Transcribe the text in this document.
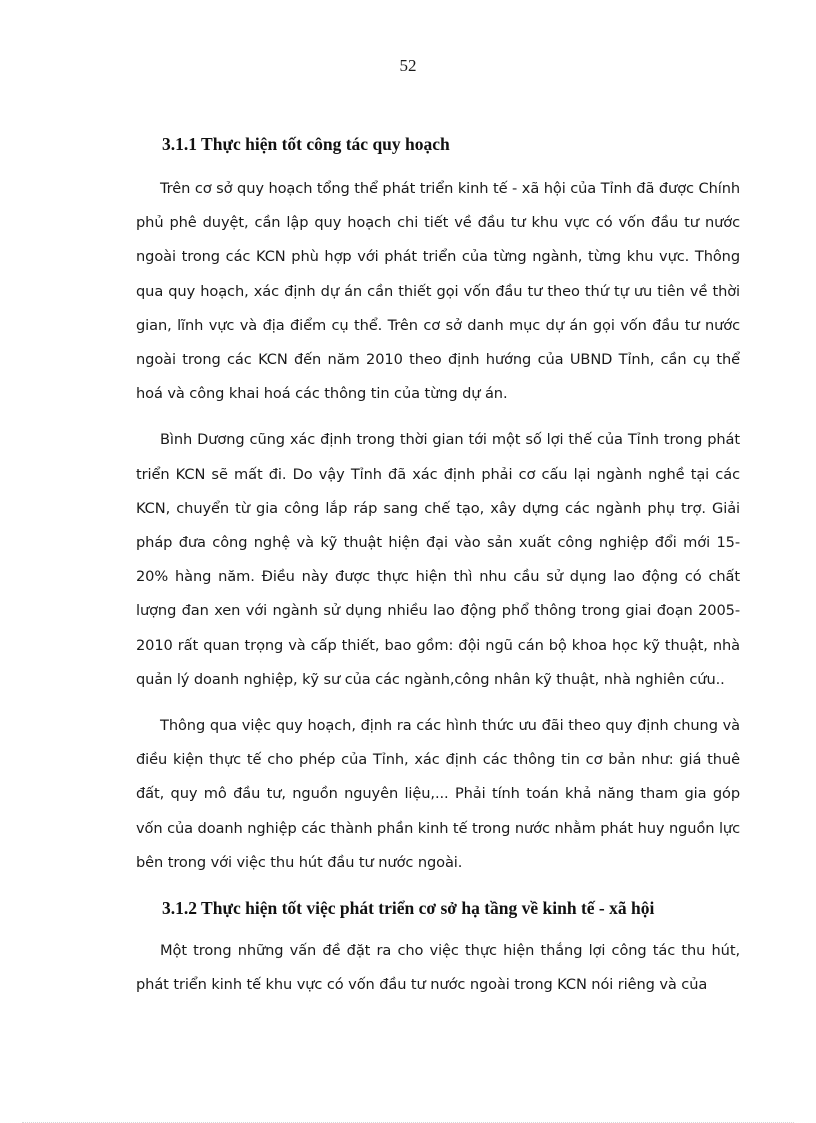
52
3.1.1 Thực hiện tốt công tác quy hoạch

Trên cơ sở quy hoạch tổng thể phát triển kinh tế - xã hội của Tỉnh đã được Chính phủ phê duyệt, cần lập quy hoạch chi tiết về đầu tư khu vực có vốn đầu tư nước ngoài trong các KCN phù hợp với phát triển của từng ngành, từng khu vực. Thông qua quy hoạch, xác định dự án cần thiết gọi vốn đầu tư theo thứ tự ưu tiên về thời gian, lĩnh vực và địa điểm cụ thể. Trên cơ sở danh mục dự án gọi vốn đầu tư nước ngoài trong các KCN đến năm 2010 theo định hướng của UBND Tỉnh, cần cụ thể hoá và công khai hoá các thông tin của từng dự án.

Bình Dương cũng xác định trong thời gian tới một số lợi thế của Tỉnh trong phát triển KCN sẽ mất đi. Do vậy Tỉnh đã xác định phải cơ cấu lại ngành nghề tại các KCN, chuyển từ gia công lắp ráp sang chế tạo, xây dựng các ngành phụ trợ. Giải pháp đưa công nghệ và kỹ thuật hiện đại vào sản xuất công nghiệp đổi mới 15-20% hàng năm. Điều này được thực hiện thì nhu cầu sử dụng lao động có chất lượng đan xen với ngành sử dụng nhiều lao động phổ thông trong giai đoạn 2005-2010 rất quan trọng và cấp thiết, bao gồm: đội ngũ cán bộ khoa học kỹ thuật, nhà quản lý doanh nghiệp, kỹ sư của các ngành,công nhân kỹ thuật, nhà nghiên cứu..

Thông qua việc quy hoạch, định ra các hình thức ưu đãi theo quy định chung và điều kiện thực tế cho phép của Tỉnh, xác định các thông tin cơ bản như: giá thuê đất, quy mô đầu tư, nguồn nguyên liệu,... Phải tính toán khả năng tham gia góp vốn của doanh nghiệp các thành phần kinh tế trong nước nhằm phát huy nguồn lực bên trong với việc thu hút đầu tư nước ngoài.

3.1.2 Thực hiện tốt việc phát triển cơ sở hạ tầng về kinh tế - xã hội

Một trong những vấn đề đặt ra cho việc thực hiện thắng lợi công tác thu hút, phát triển kinh tế khu vực có vốn đầu tư nước ngoài trong KCN nói riêng và của
